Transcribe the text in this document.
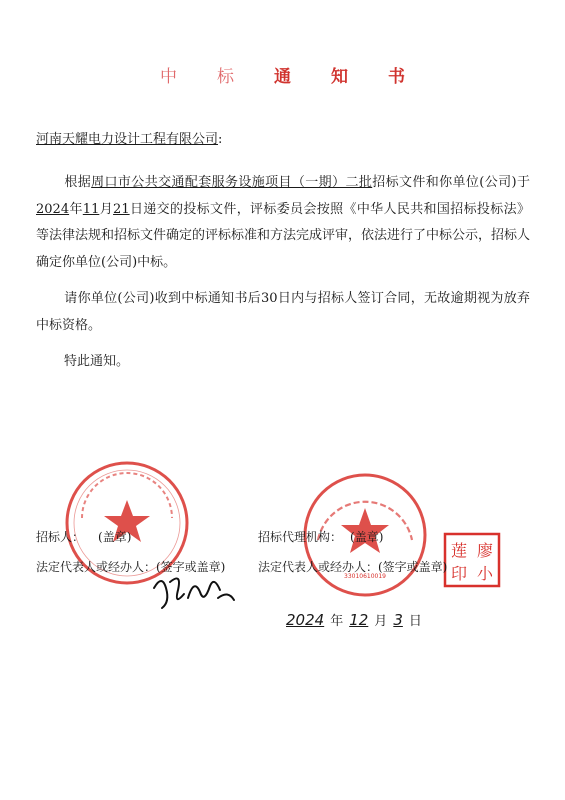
中 标 通 知 书
河南天耀电力设计工程有限公司:
根据周口市公共交通配套服务设施项目（一期）二批招标文件和你单位(公司)于2024年11月21日递交的投标文件，评标委员会按照《中华人民共和国招标投标法》等法律法规和招标文件确定的评标标准和方法完成评审，依法进行了中标公示，招标人确定你单位(公司)中标。
请你单位(公司)收到中标通知书后30日内与招标人签订合同，无故逾期视为放弃中标资格。
特此通知。
33010610019
廖
小
印
莲
招标人： (盖章)
法定代表人或经办人：(签字或盖章)
招标代理机构： (盖章)
法定代表人或经办人：(签字或盖章)
2024 年 12 月 3 日
